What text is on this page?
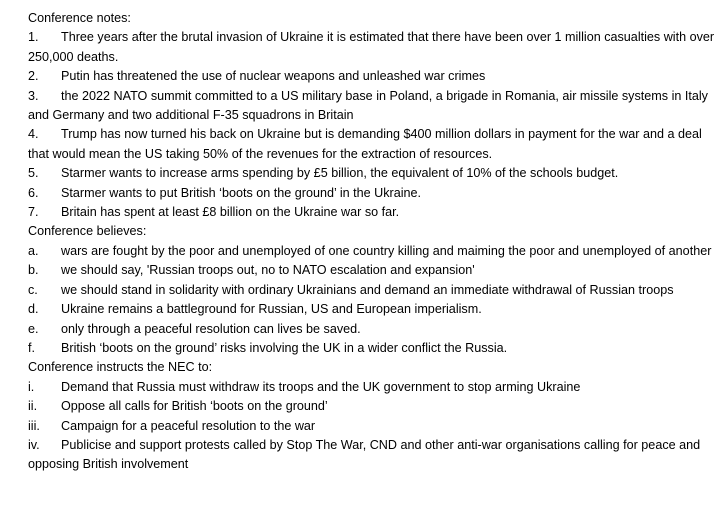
Conference notes:
1. Three years after the brutal invasion of Ukraine it is estimated that there have been over 1 million casualties with over 250,000 deaths.
2. Putin has threatened the use of nuclear weapons and unleashed war crimes
3. the 2022 NATO summit committed to a US military base in Poland, a brigade in Romania, air missile systems in Italy and Germany and two additional F-35 squadrons in Britain
4. Trump has now turned his back on Ukraine but is demanding $400 million dollars in payment for the war and a deal that would mean the US taking 50% of the revenues for the extraction of resources.
5. Starmer wants to increase arms spending by £5 billion, the equivalent of 10% of the schools budget.
6. Starmer wants to put British ‘boots on the ground’ in the Ukraine.
7. Britain has spent at least £8 billion on the Ukraine war so far.
Conference believes:
a. wars are fought by the poor and unemployed of one country killing and maiming the poor and unemployed of another
b. we should say, 'Russian troops out, no to NATO escalation and expansion'
c. we should stand in solidarity with ordinary Ukrainians and demand an immediate withdrawal of Russian troops
d. Ukraine remains a battleground for Russian, US and European imperialism.
e. only through a peaceful resolution can lives be saved.
f. British ‘boots on the ground’ risks involving the UK in a wider conflict the Russia.
Conference instructs the NEC to:
i. Demand that Russia must withdraw its troops and the UK government to stop arming Ukraine
ii. Oppose all calls for British ‘boots on the ground’
iii. Campaign for a peaceful resolution to the war
iv. Publicise and support protests called by Stop The War, CND and other anti-war organisations calling for peace and opposing British involvement
